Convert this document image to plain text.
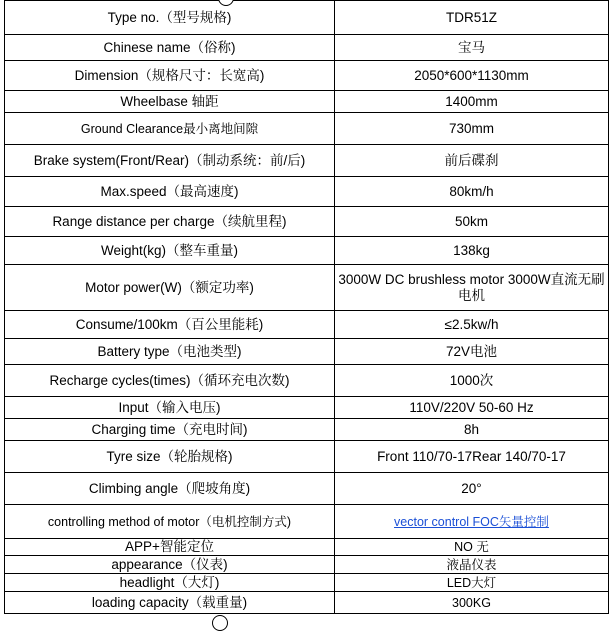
Type no.（型号规格)	TDR51Z
Chinese name（俗称)	宝马
Dimension（规格尺寸：长宽高)	2050*600*1130mm
Wheelbase 轴距	1400mm
Ground Clearance最小离地间隙	730mm
Brake system(Front/Rear)（制动系统：前/后)	前后碟刹
Max.speed（最高速度)	80km/h
Range distance per charge（续航里程)	50km
Weight(kg)（整车重量)	138kg
Motor power(W)（额定功率)	3000W DC brushless motor 3000W直流无刷电机
Consume/100km（百公里能耗)	≤2.5kw/h
Battery type（电池类型)	72V电池
Recharge cycles(times)（循环充电次数)	1000次
Input（输入电压)	110V/220V 50-60 Hz
Charging time（充电时间)	8h
Tyre size（轮胎规格)	Front 110/70-17Rear 140/70-17
Climbing angle（爬坡角度)	20°
controlling method of motor（电机控制方式)	vector control FOC矢量控制
APP+智能定位	NO 无
appearance（仪表)	液晶仪表
headlight（大灯)	LED大灯
loading capacity（载重量)	300KG
